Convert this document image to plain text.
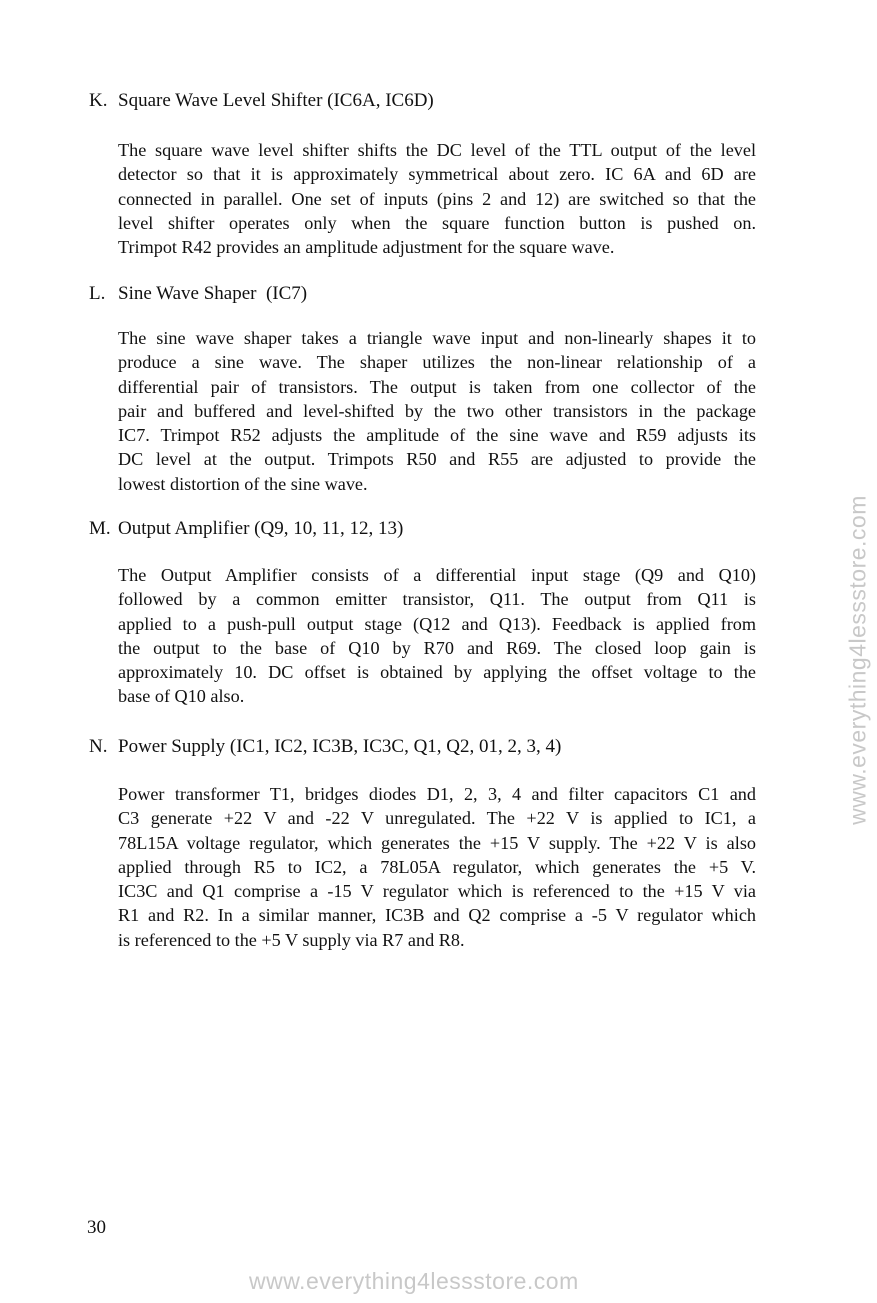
K. Square Wave Level Shifter (IC6A, IC6D)
The square wave level shifter shifts the DC level of the TTL output of the level
detector so that it is approximately symmetrical about zero. IC 6A and 6D are
connected in parallel. One set of inputs (pins 2 and 12) are switched so that the
level shifter operates only when the square function button is pushed on.
Trimpot R42 provides an amplitude adjustment for the square wave.
L. Sine Wave Shaper  (IC7)
The sine wave shaper takes a triangle wave input and non-linearly shapes it to
produce a sine wave. The shaper utilizes the non-linear relationship of a
differential pair of transistors. The output is taken from one collector of the
pair and buffered and level-shifted by the two other transistors in the package
IC7. Trimpot R52 adjusts the amplitude of the sine wave and R59 adjusts its
DC level at the output. Trimpots R50 and R55 are adjusted to provide the
lowest distortion of the sine wave.
M. Output Amplifier (Q9, 10, 11, 12, 13)
The Output Amplifier consists of a differential input stage (Q9 and Q10)
followed by a common emitter transistor, Q11. The output from Q11 is
applied to a push-pull output stage (Q12 and Q13). Feedback is applied from
the output to the base of Q10 by R70 and R69. The closed loop gain is
approximately 10. DC offset is obtained by applying the offset voltage to the
base of Q10 also.
N. Power Supply (IC1, IC2, IC3B, IC3C, Q1, Q2, 01, 2, 3, 4)
Power transformer T1, bridges diodes D1, 2, 3, 4 and filter capacitors C1 and
C3 generate +22 V and -22 V unregulated. The +22 V is applied to IC1, a
78L15A voltage regulator, which generates the +15 V supply. The +22 V is also
applied through R5 to IC2, a 78L05A regulator, which generates the +5 V.
IC3C and Q1 comprise a -15 V regulator which is referenced to the +15 V via
R1 and R2. In a similar manner, IC3B and Q2 comprise a -5 V regulator which
is referenced to the +5 V supply via R7 and R8.
30
www.everything4lessstore.com
www.everything4lessstore.com
